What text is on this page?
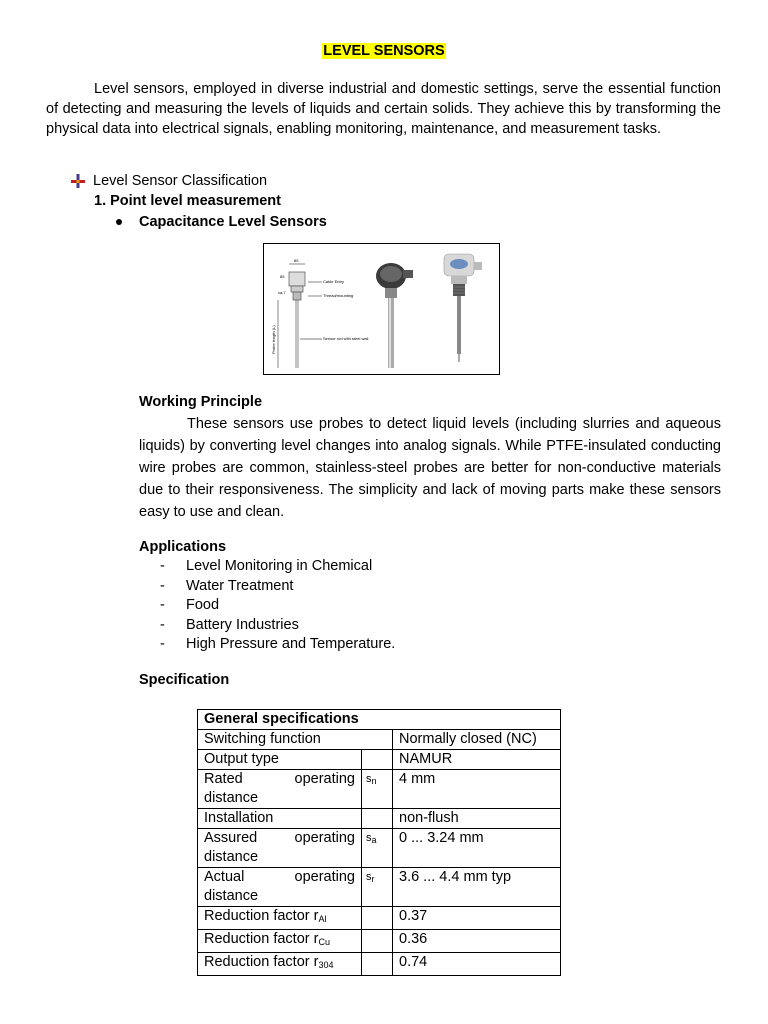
LEVEL SENSORS

Level sensors, employed in diverse industrial and domestic settings, serve the essential function of detecting and measuring the levels of liquids and certain solids. They achieve this by transforming the physical data into electrical signals, enabling monitoring, maintenance, and measurement tasks.

Level Sensor Classification
1. Point level measurement
Capacitance Level Sensors
85
85
ca.7
Probe length (L)
Cable Entry
Thread/mounting
Sensor rod with steel wall
Working Principle

These sensors use probes to detect liquid levels (including slurries and aqueous liquids) by converting level changes into analog signals. While PTFE-insulated conducting wire probes are common, stainless-steel probes are better for non-conductive materials due to their responsiveness. The simplicity and lack of moving parts make these sensors easy to use and clean.

Applications
-	Level Monitoring in Chemical
-	Water Treatment
-	Food
-	Battery Industries
-	High Pressure and Temperature.
Specification
General specifications		
Switching function		Normally closed (NC)
Output type		NAMUR

Rated operating
distance	$s_n$	4 mm
Installation		non-flush

Assured operating
distance	$s_a$	0 ... 3.24 mm

Actual operating
distance	$s_r$	3.6 ... 4.4 mm typ
Reduction factor $r_{Al}$		0.37
Reduction factor $r_{Cu}$		0.36
Reduction factor $r_{304}$		0.74
